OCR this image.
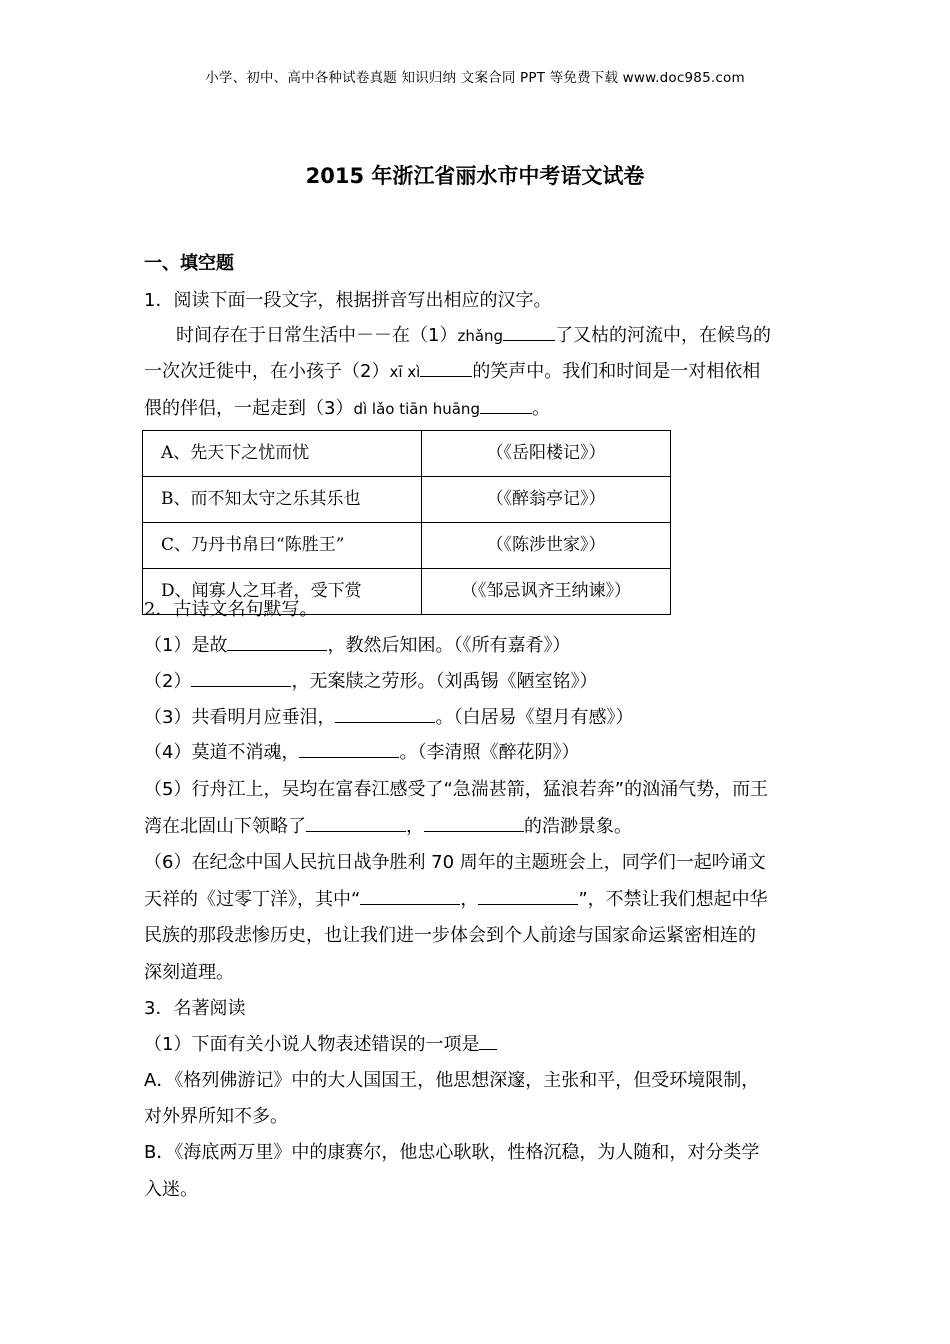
小学、初中、高中各种试卷真题 知识归纳 文案合同 PPT 等免费下载 www.doc985.com
2015 年浙江省丽水市中考语文试卷
一、填空题
1．阅读下面一段文字，根据拼音写出相应的汉字。
时间存在于日常生活中－－在（1）zhǎng	了又枯的河流中，在候鸟的
一次次迁徙中，在小孩子（2）xī xì	的笑声中。我们和时间是一对相依相
偎的伴侣，一起走到（3）dì lǎo tiān huāng	。
A、先天下之忧而忧	（《岳阳楼记》）
B、而不知太守之乐其乐也	（《醉翁亭记》）
C、乃丹书帛曰“陈胜王”	（《陈涉世家》）
D、闻寡人之耳者，受下赏	（《邹忌讽齐王纳谏》）
2．古诗文名句默写。
（1）是故	，教然后知困。（《所有嘉肴》）
（2）	，无案牍之劳形。（刘禹锡《陋室铭》）
（3）共看明月应垂泪，	。（白居易《望月有感》）
（4）莫道不消魂，	。（李清照《醉花阴》）
（5）行舟江上，吴均在富春江感受了“急湍甚箭，猛浪若奔”的汹涌气势，而王
湾在北固山下领略了	，	的浩渺景象。
（6）在纪念中国人民抗日战争胜利 70 周年的主题班会上，同学们一起吟诵文
天祥的《过零丁洋》，其中“	，	”，不禁让我们想起中华
民族的那段悲惨历史，也让我们进一步体会到个人前途与国家命运紧密相连的
深刻道理。
3．名著阅读
（1）下面有关小说人物表述错误的一项是
A．《格列佛游记》中的大人国国王，他思想深邃，主张和平，但受环境限制，
对外界所知不多。
B．《海底两万里》中的康赛尔，他忠心耿耿，性格沉稳，为人随和，对分类学
入迷。
